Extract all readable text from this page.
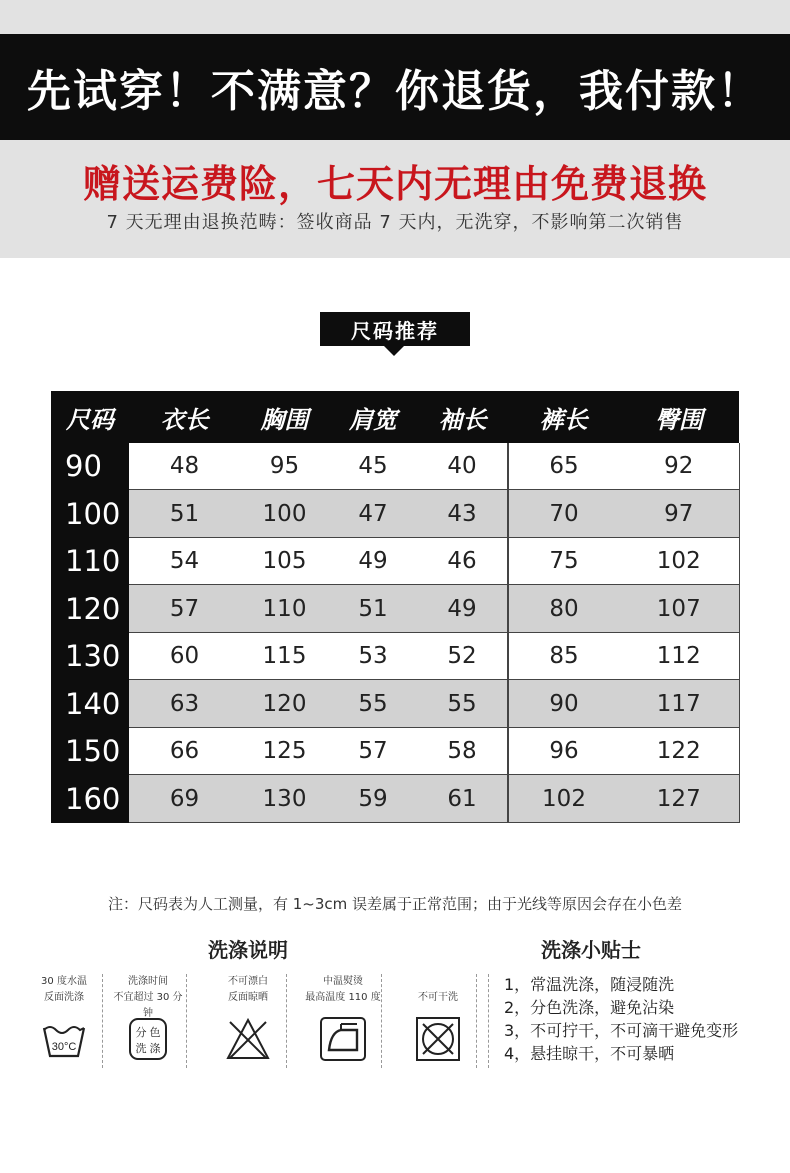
先试穿！不满意？你退货，我付款！
赠送运费险，七天内无理由免费退换
7 天无理由退换范畴：签收商品 7 天内，无洗穿，不影响第二次销售
尺码推荐
尺码	衣长	胸围	肩宽	袖长	裤长	臀围
90	48	95	45	40	65	92
100	51	100	47	43	70	97
110	54	105	49	46	75	102
120	57	110	51	49	80	107
130	60	115	53	52	85	112
140	63	120	55	55	90	117
150	66	125	57	58	96	122
160	69	130	59	61	102	127
注：尺码表为人工测量，有 1~3cm 误差属于正常范围；由于光线等原因会存在小色差
洗涤说明	洗涤小贴士
30 度水温
反面洗涤
30°C
洗涤时间
不宜超过 30 分钟
分 色
洗 涤
不可漂白
反面晾晒
中温熨烫
最高温度 110 度	不可干洗
1，常温洗涤，随浸随洗
2，分色洗涤，避免沾染
3，不可拧干，不可滴干避免变形
4，悬挂晾干，不可暴晒
